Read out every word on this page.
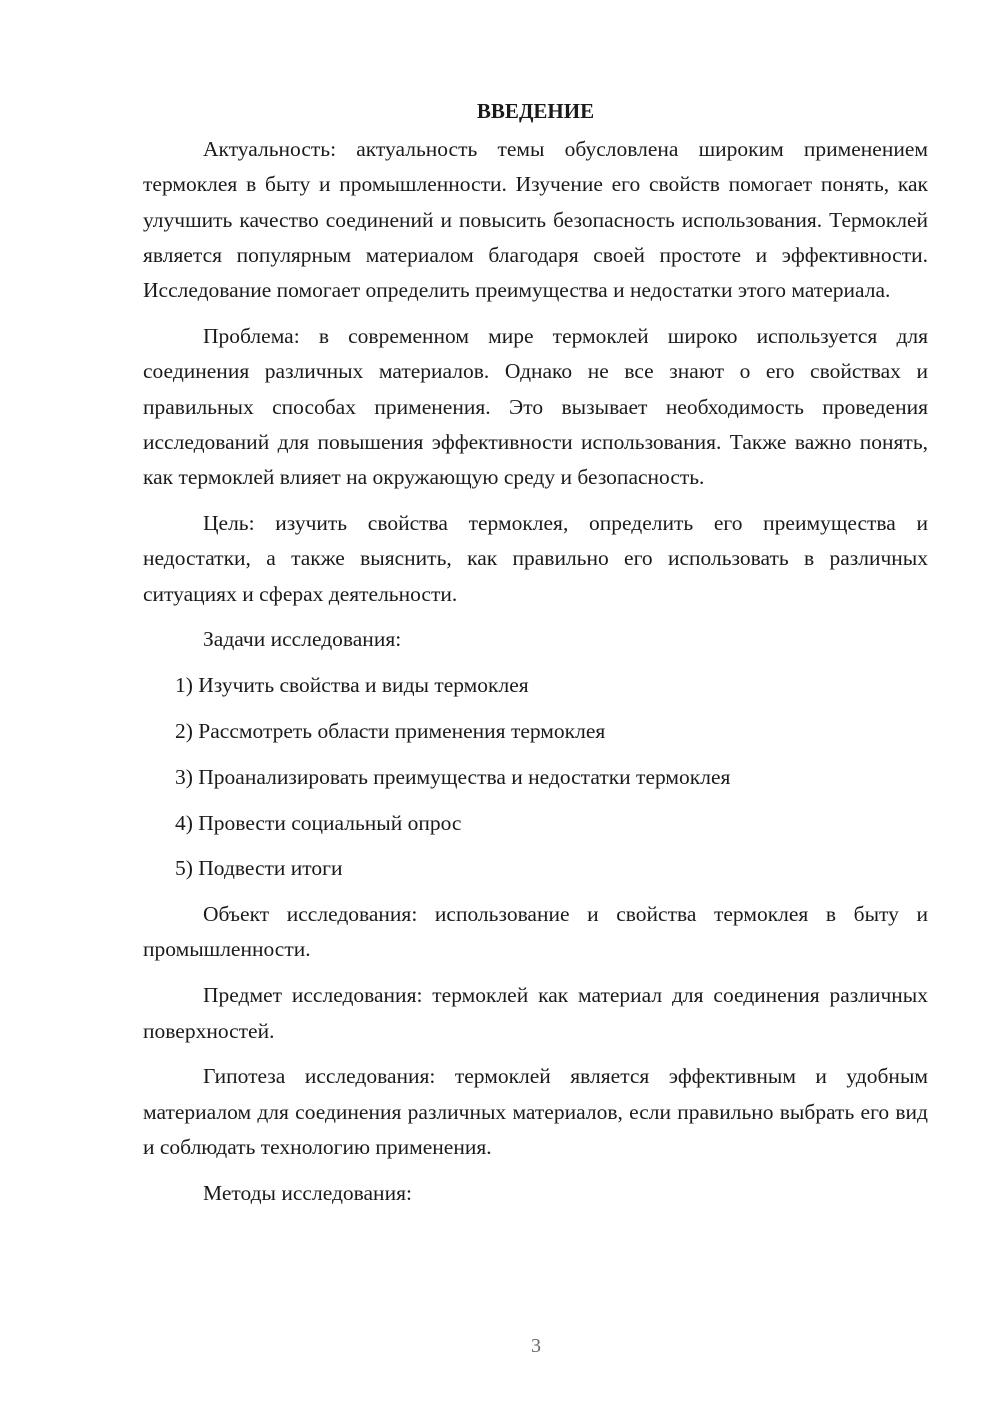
ВВЕДЕНИЕ

Актуальность: актуальность темы обусловлена широким применением термоклея в быту и промышленности. Изучение его свойств помогает понять, как улучшить качество соединений и повысить безопасность использования. Термоклей является популярным материалом благодаря своей простоте и эффективности. Исследование помогает определить преимущества и недостатки этого материала.

Проблема: в современном мире термоклей широко используется для соединения различных материалов. Однако не все знают о его свойствах и правильных способах применения. Это вызывает необходимость проведения исследований для повышения эффективности использования. Также важно понять, как термоклей влияет на окружающую среду и безопасность.

Цель: изучить свойства термоклея, определить его преимущества и недостатки, а также выяснить, как правильно его использовать в различных ситуациях и сферах деятельности.

Задачи исследования:

1) Изучить свойства и виды термоклея
2) Рассмотреть области применения термоклея
3) Проанализировать преимущества и недостатки термоклея
4) Провести социальный опрос
5) Подвести итоги

Объект исследования: использование и свойства термоклея в быту и промышленности.

Предмет исследования: термоклей как материал для соединения различных поверхностей.

Гипотеза исследования: термоклей является эффективным и удобным материалом для соединения различных материалов, если правильно выбрать его вид и соблюдать технологию применения.

Методы исследования:

3
